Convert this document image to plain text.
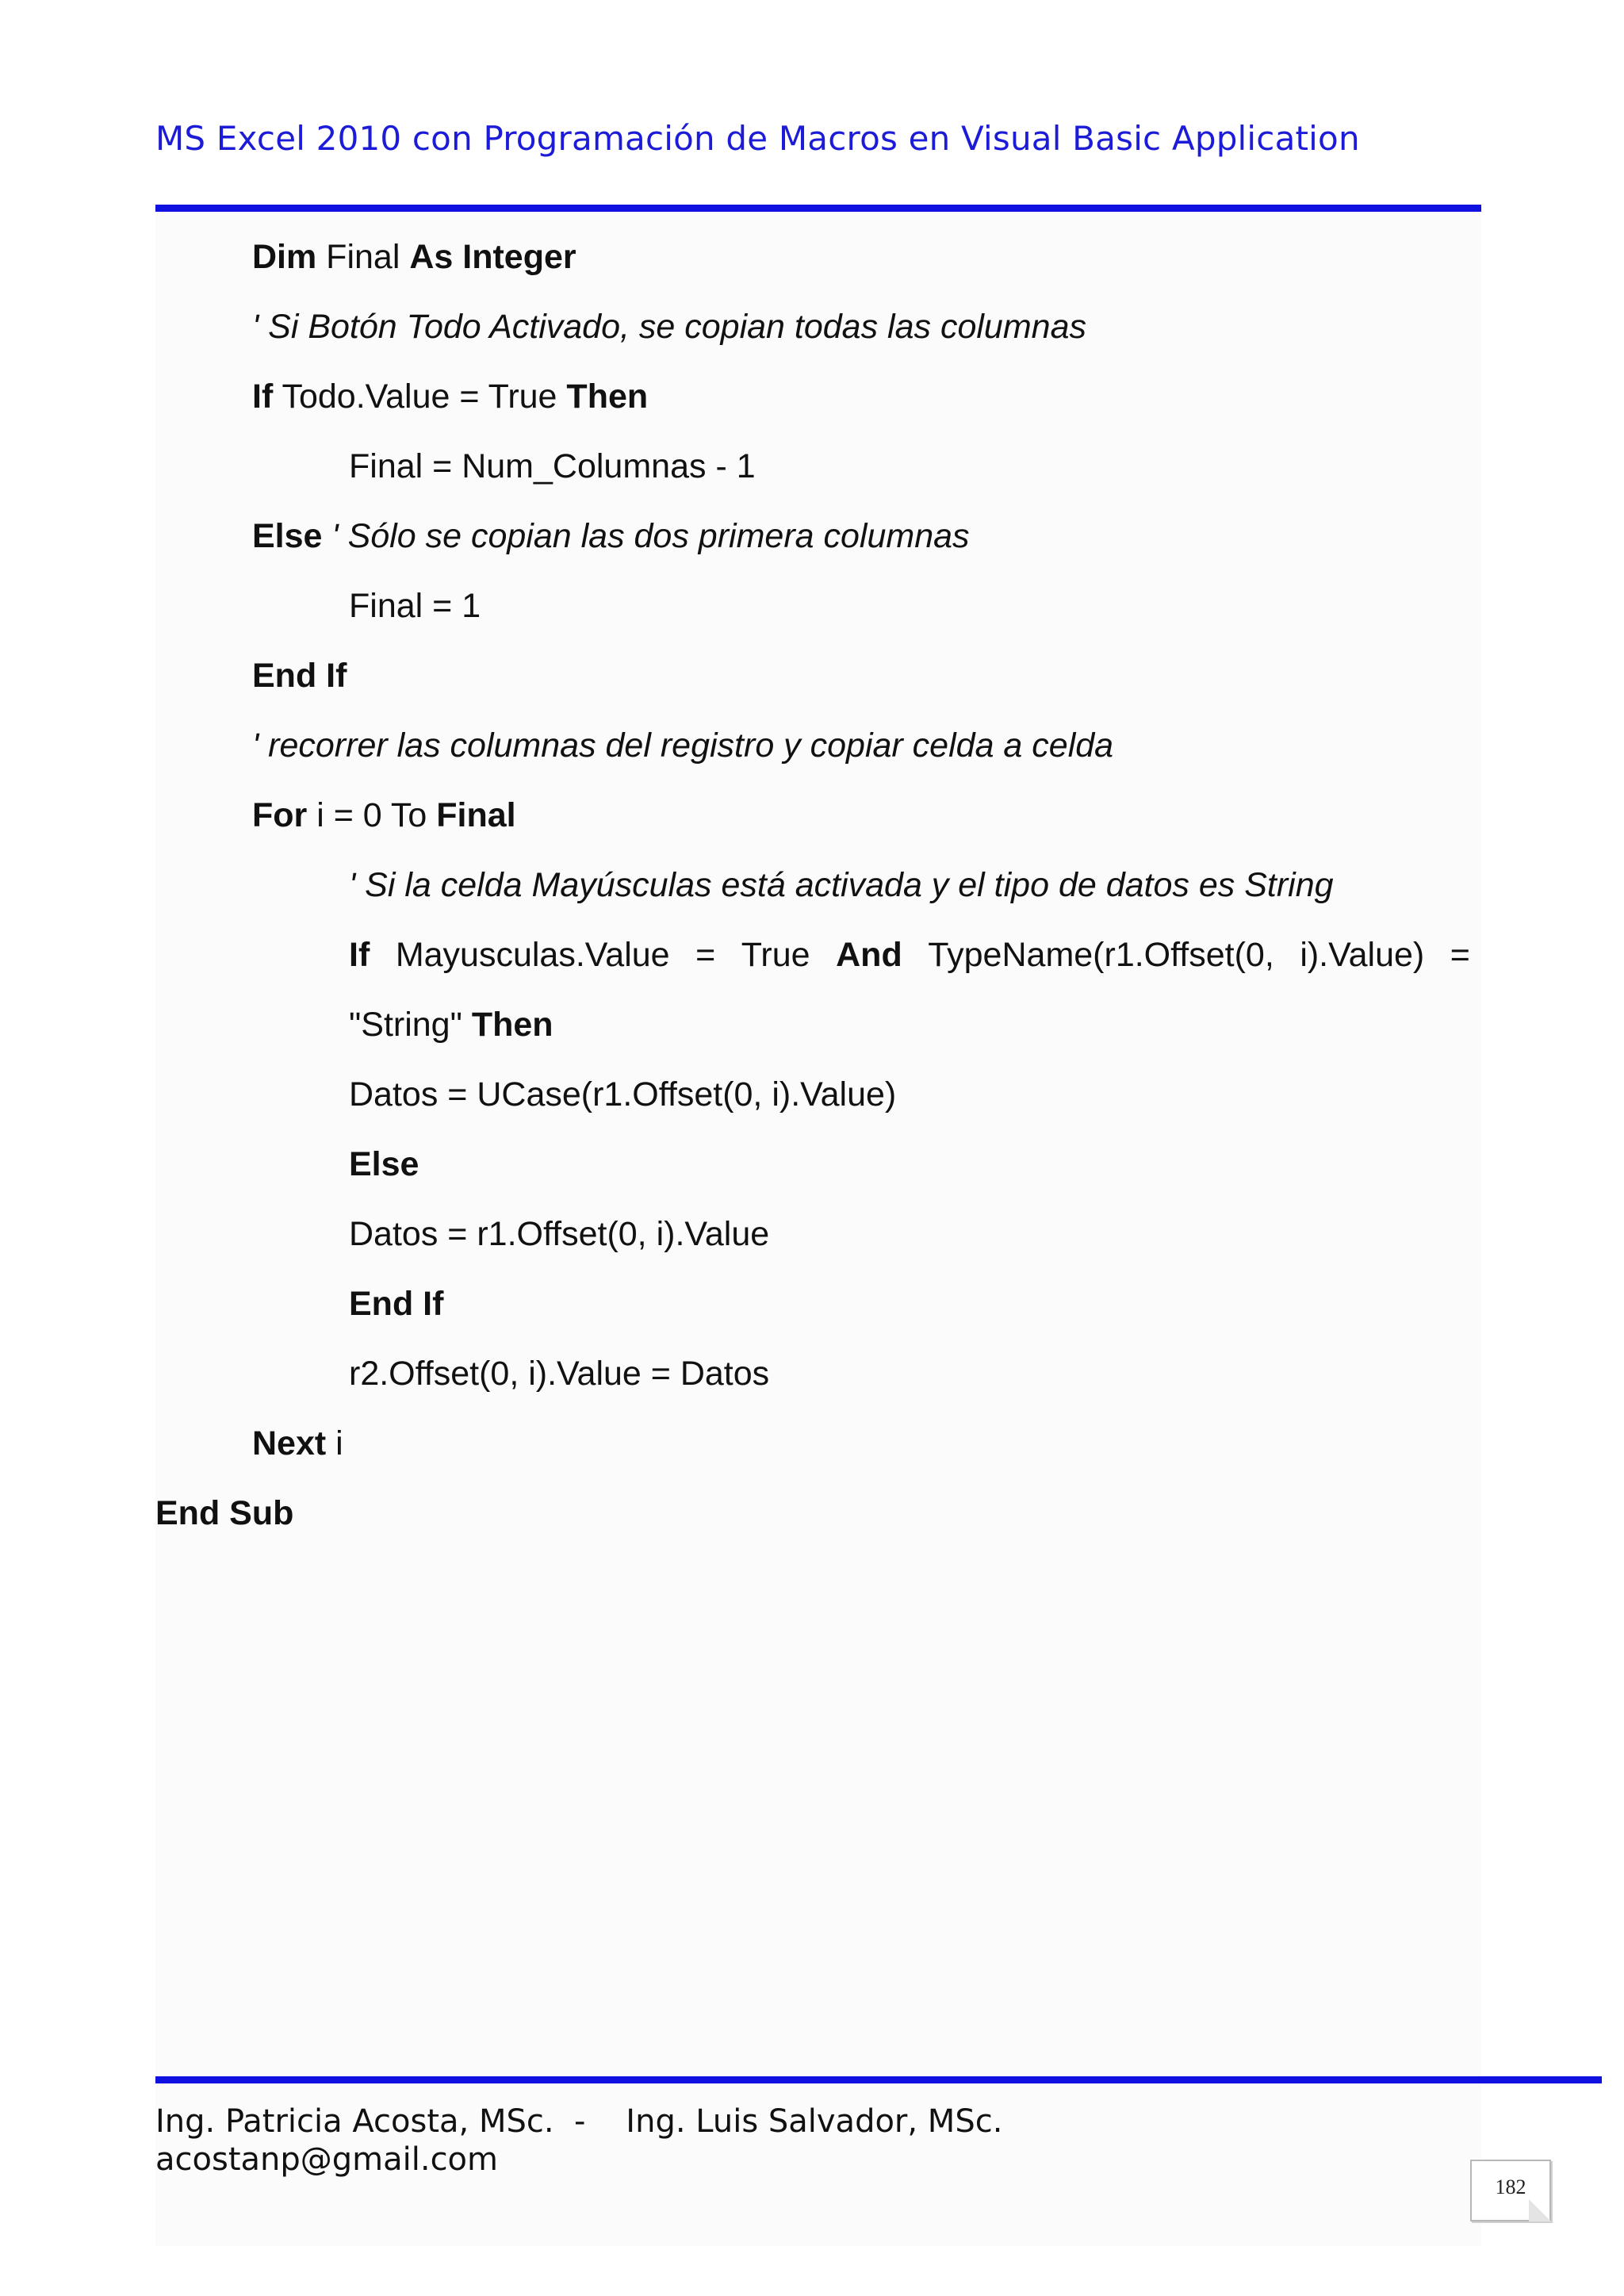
MS Excel 2010 con Programación de Macros en Visual Basic Application
Dim Final As Integer
' Si Botón Todo Activado, se copian todas las columnas
If Todo.Value = True Then
Final = Num_Columnas - 1
Else ' Sólo se copian las dos primera columnas
Final = 1
End If
' recorrer las columnas del registro y copiar celda a celda
For i = 0 To Final
' Si la celda Mayúsculas está activada y el tipo de datos es String
If Mayusculas.Value = True And TypeName(r1.Offset(0, i).Value) =
"String" Then
Datos = UCase(r1.Offset(0, i).Value)
Else
Datos = r1.Offset(0, i).Value
End If
r2.Offset(0, i).Value = Datos
Next i
End Sub
Ing. Patricia Acosta, MSc.  -    Ing. Luis Salvador, MSc.
acostanp@gmail.com
182
